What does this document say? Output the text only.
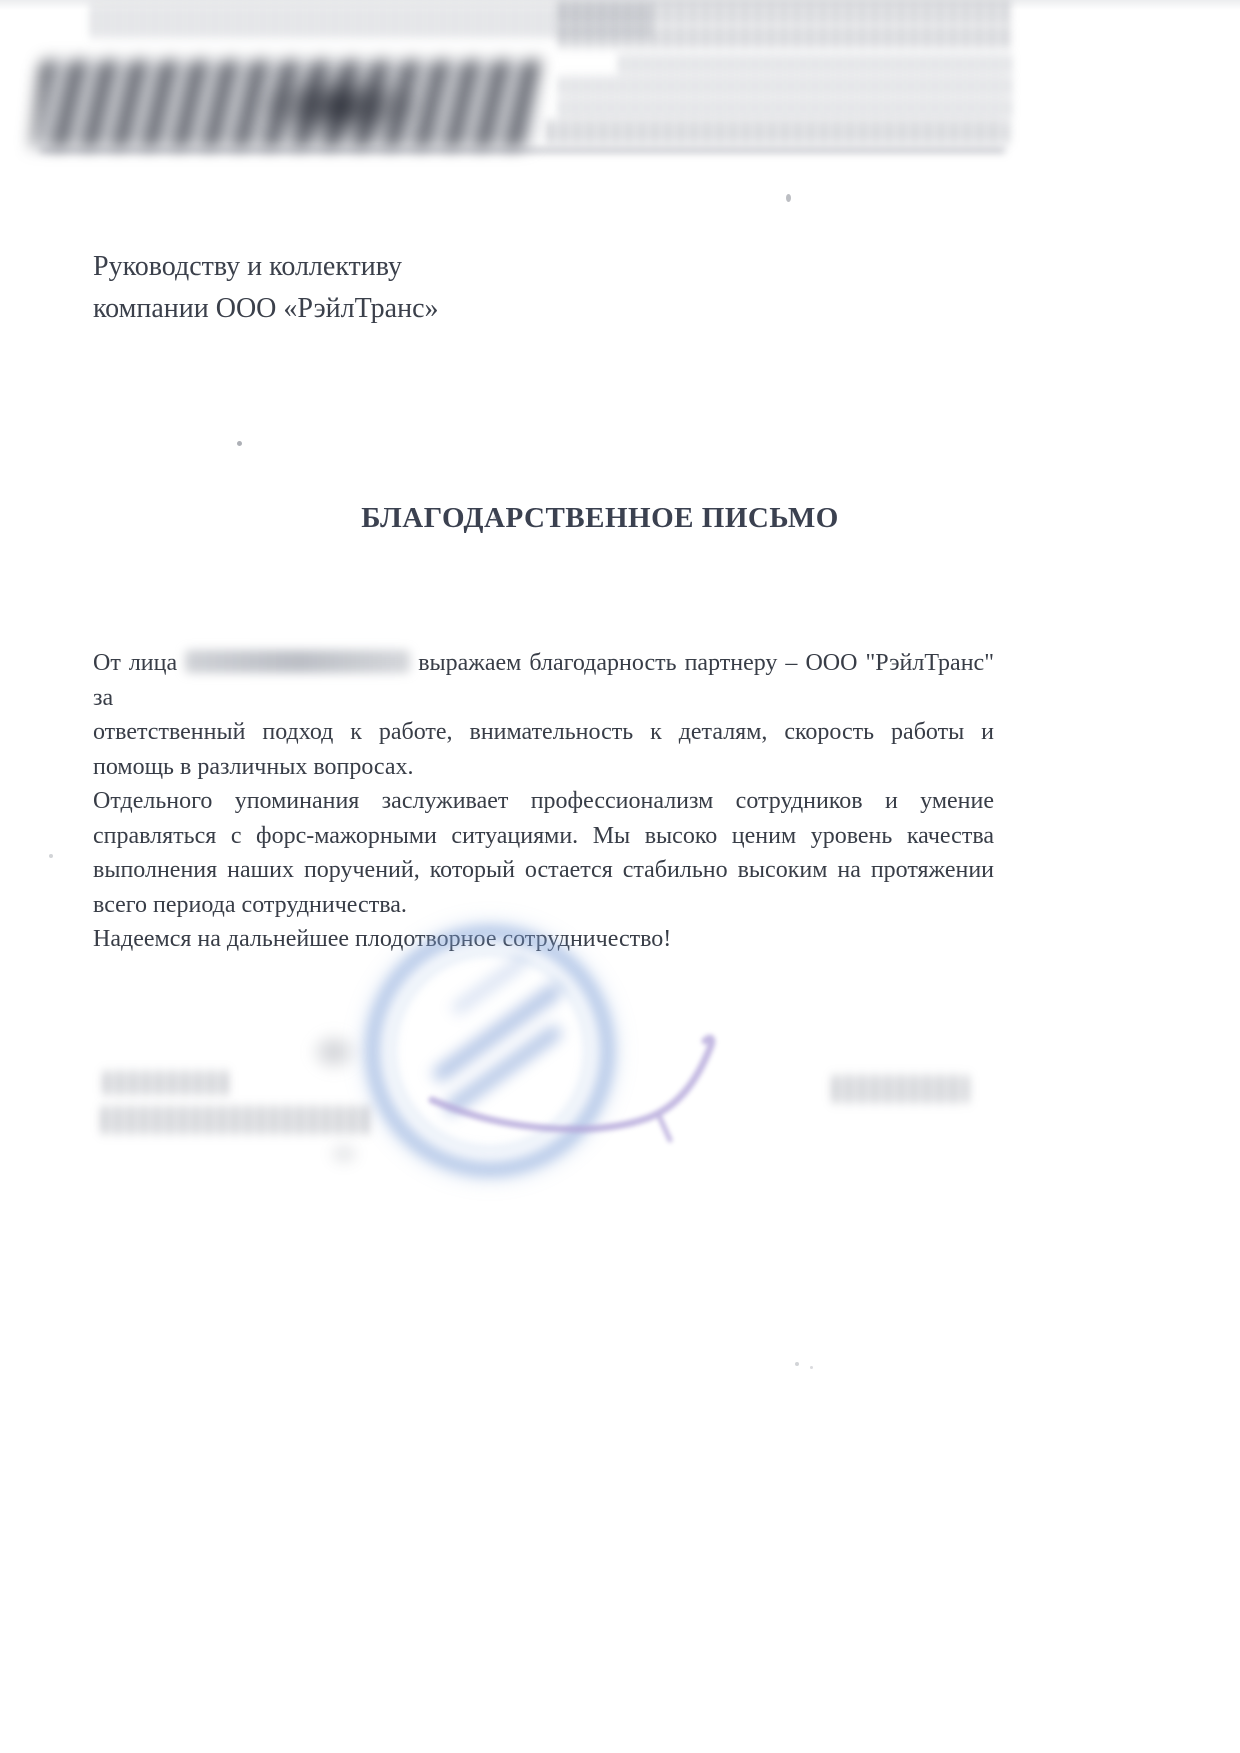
Руководству и коллективу
компании ООО «РэйлТранс»
БЛАГОДАРСТВЕННОЕ ПИСЬМО
От лица	выражаем благодарность партнеру – ООО "РэйлТранс" за
ответственный подход к работе, внимательность к деталям, скорость работы и
помощь в различных вопросах.
Отдельного упоминания заслуживает профессионализм сотрудников и умение
справляться с форс-мажорными ситуациями. Мы высоко ценим уровень качества
выполнения наших поручений, который остается стабильно высоким на протяжении
всего периода сотрудничества.
Надеемся на дальнейшее плодотворное сотрудничество!
